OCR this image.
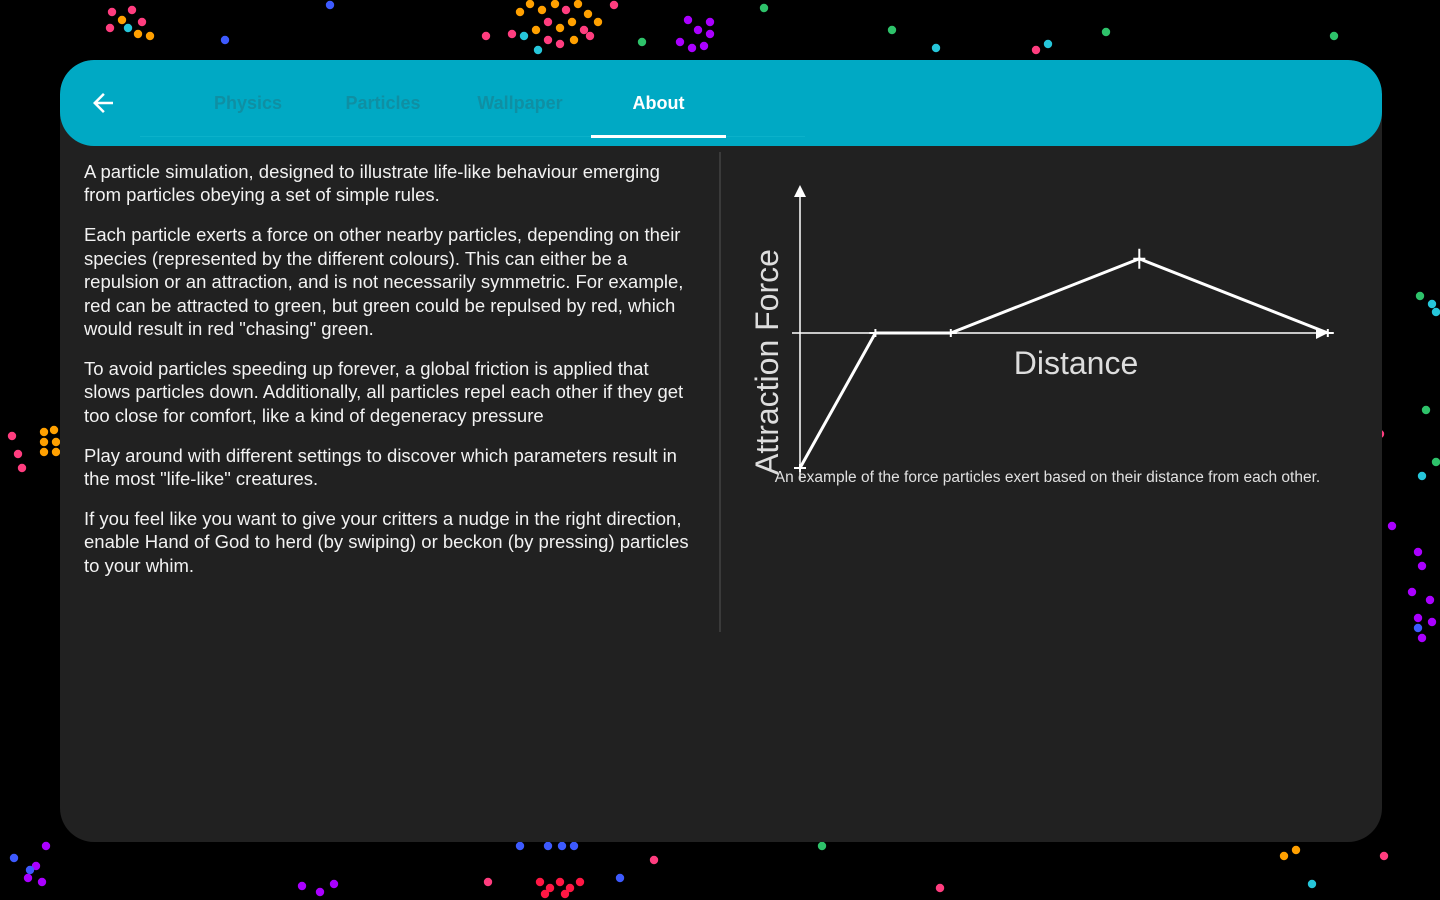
Physics	Particles	Wallpaper	About

A particle simulation, designed to illustrate life-like behaviour emerging from particles obeying a set of simple rules.

Each particle exerts a force on other nearby particles, depending on their species (represented by the different colours). This can either be a repulsion or an attraction, and is not necessarily symmetric. For example, red can be attracted to green, but green could be repulsed by red, which would result in red "chasing" green.

To avoid particles speeding up forever, a global friction is applied that slows particles down. Additionally, all particles repel each other if they get too close for comfort, like a kind of degeneracy pressure

Play around with different settings to discover which parameters result in the most "life-like" creatures.

If you feel like you want to give your critters a nudge in the right direction, enable Hand of God to herd (by swiping) or beckon (by pressing) particles to your whim.

Attraction Force	Distance
An example of the force particles exert based on their distance from each other.
